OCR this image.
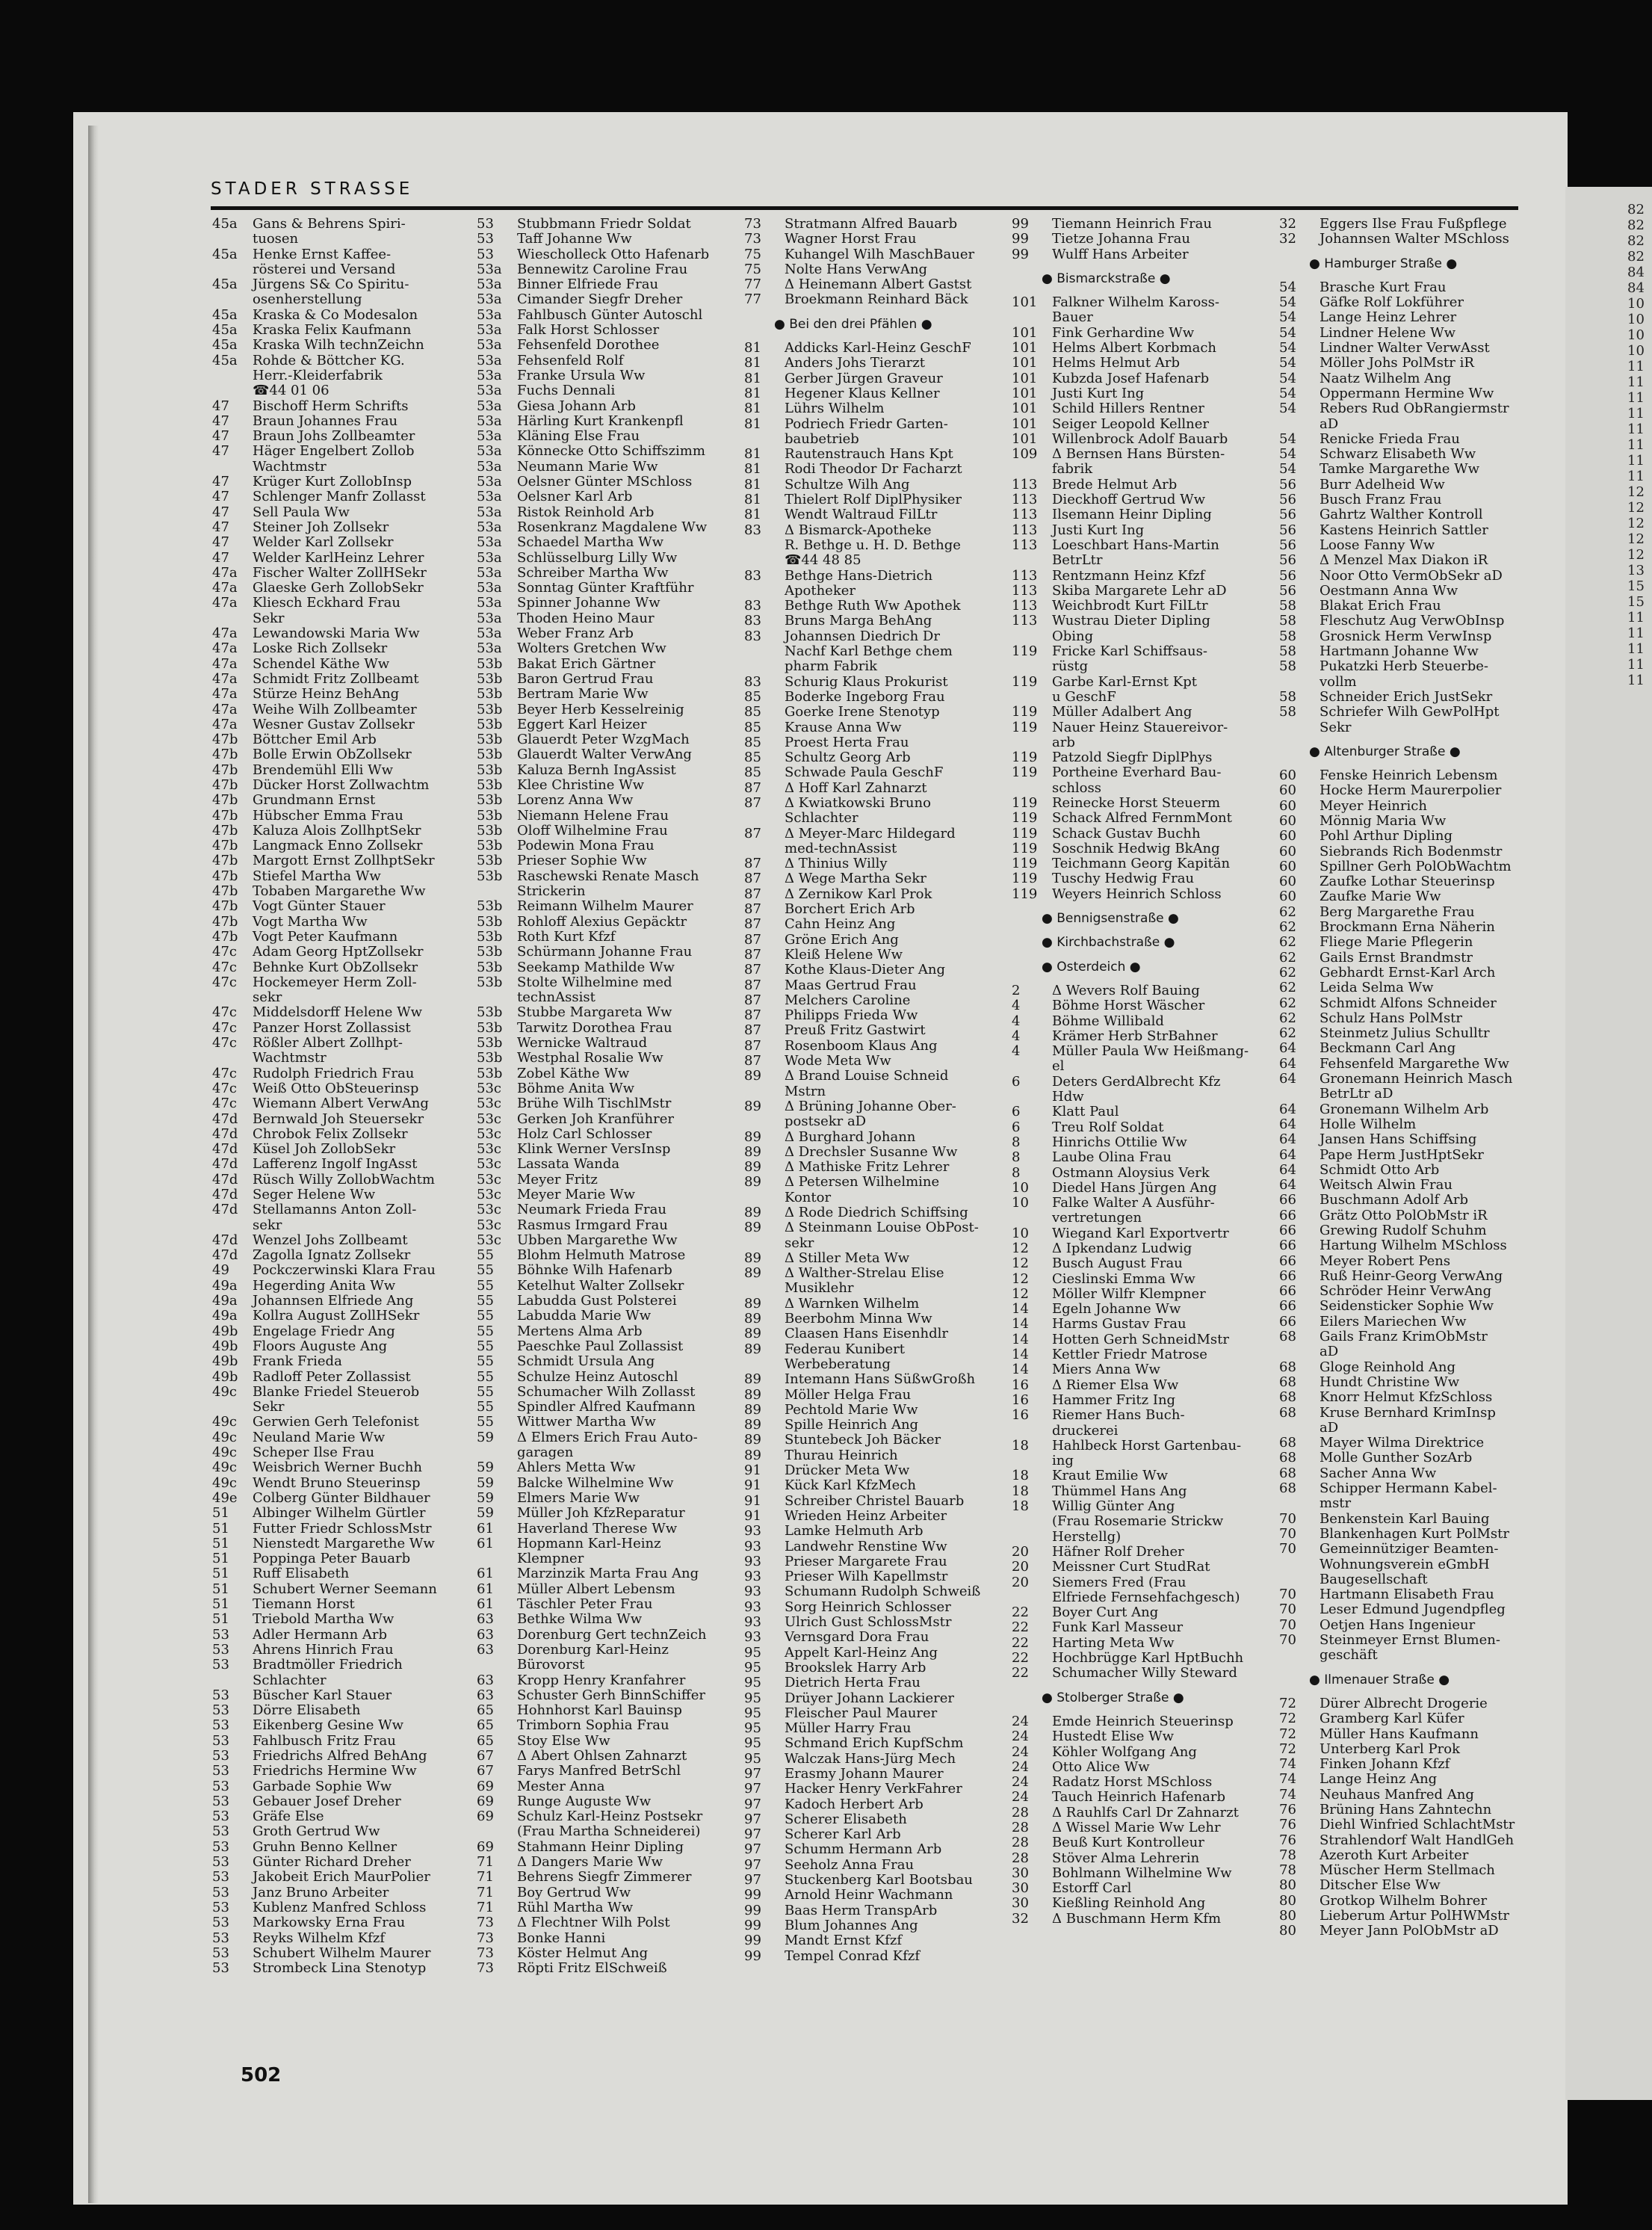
82
82
82
82
84
84
10
10
10
10
11
11
11
11
11
11
11
11
12
12
12
12
12
13
15
15
11
11
11
11
11
STADER STRASSE
45a Gans & Behrens Spiri-
tuosen
45a Henke Ernst Kaffee-
rösterei und Versand
45a Jürgens S& Co Spiritu-
osenherstellung
45a Kraska & Co Modesalon
45a Kraska Felix Kaufmann
45a Kraska Wilh technZeichn
45a Rohde & Böttcher KG.
Herr.-Kleiderfabrik
☎44 01 06
47 Bischoff Herm Schrifts
47 Braun Johannes Frau
47 Braun Johs Zollbeamter
47 Häger Engelbert Zollob
Wachtmstr
47 Krüger Kurt ZollobInsp
47 Schlenger Manfr Zollasst
47 Sell Paula Ww
47 Steiner Joh Zollsekr
47 Welder Karl Zollsekr
47 Welder KarlHeinz Lehrer
47a Fischer Walter ZollHSekr
47a Glaeske Gerh ZollobSekr
47a Kliesch Eckhard Frau
Sekr
47a Lewandowski Maria Ww
47a Loske Rich Zollsekr
47a Schendel Käthe Ww
47a Schmidt Fritz Zollbeamt
47a Stürze Heinz BehAng
47a Weihe Wilh Zollbeamter
47a Wesner Gustav Zollsekr
47b Böttcher Emil Arb
47b Bolle Erwin ObZollsekr
47b Brendemühl Elli Ww
47b Dücker Horst Zollwachtm
47b Grundmann Ernst
47b Hübscher Emma Frau
47b Kaluza Alois ZollhptSekr
47b Langmack Enno Zollsekr
47b Margott Ernst ZollhptSekr
47b Stiefel Martha Ww
47b Tobaben Margarethe Ww
47b Vogt Günter Stauer
47b Vogt Martha Ww
47b Vogt Peter Kaufmann
47c Adam Georg HptZollsekr
47c Behnke Kurt ObZollsekr
47c Hockemeyer Herm Zoll-
sekr
47c Middelsdorff Helene Ww
47c Panzer Horst Zollassist
47c Rößler Albert Zollhpt-
Wachtmstr
47c Rudolph Friedrich Frau
47c Weiß Otto ObSteuerinsp
47c Wiemann Albert VerwAng
47d Bernwald Joh Steuersekr
47d Chrobok Felix Zollsekr
47d Küsel Joh ZollobSekr
47d Lafferenz Ingolf IngAsst
47d Rüsch Willy ZollobWachtm
47d Seger Helene Ww
47d Stellamanns Anton Zoll-
sekr
47d Wenzel Johs Zollbeamt
47d Zagolla Ignatz Zollsekr
49 Pockczerwinski Klara Frau
49a Hegerding Anita Ww
49a Johannsen Elfriede Ang
49a Kollra August ZollHSekr
49b Engelage Friedr Ang
49b Floors Auguste Ang
49b Frank Frieda
49b Radloff Peter Zollassist
49c Blanke Friedel Steuerob
Sekr
49c Gerwien Gerh Telefonist
49c Neuland Marie Ww
49c Scheper Ilse Frau
49c Weisbrich Werner Buchh
49c Wendt Bruno Steuerinsp
49e Colberg Günter Bildhauer
51 Albinger Wilhelm Gürtler
51 Futter Friedr SchlossMstr
51 Nienstedt Margarethe Ww
51 Poppinga Peter Bauarb
51 Ruff Elisabeth
51 Schubert Werner Seemann
51 Tiemann Horst
51 Triebold Martha Ww
53 Adler Hermann Arb
53 Ahrens Hinrich Frau
53 Bradtmöller Friedrich
Schlachter
53 Büscher Karl Stauer
53 Dörre Elisabeth
53 Eikenberg Gesine Ww
53 Fahlbusch Fritz Frau
53 Friedrichs Alfred BehAng
53 Friedrichs Hermine Ww
53 Garbade Sophie Ww
53 Gebauer Josef Dreher
53 Gräfe Else
53 Groth Gertrud Ww
53 Gruhn Benno Kellner
53 Günter Richard Dreher
53 Jakobeit Erich MaurPolier
53 Janz Bruno Arbeiter
53 Kublenz Manfred Schloss
53 Markowsky Erna Frau
53 Reyks Wilhelm Kfzf
53 Schubert Wilhelm Maurer
53 Strombeck Lina Stenotyp
53 Stubbmann Friedr Soldat
53 Taff Johanne Ww
53 Wiescholleck Otto Hafenarb
53a Bennewitz Caroline Frau
53a Binner Elfriede Frau
53a Cimander Siegfr Dreher
53a Fahlbusch Günter Autoschl
53a Falk Horst Schlosser
53a Fehsenfeld Dorothee
53a Fehsenfeld Rolf
53a Franke Ursula Ww
53a Fuchs Dennali
53a Giesa Johann Arb
53a Härling Kurt Krankenpfl
53a Kläning Else Frau
53a Könnecke Otto Schiffszimm
53a Neumann Marie Ww
53a Oelsner Günter MSchloss
53a Oelsner Karl Arb
53a Ristok Reinhold Arb
53a Rosenkranz Magdalene Ww
53a Schaedel Martha Ww
53a Schlüsselburg Lilly Ww
53a Schreiber Martha Ww
53a Sonntag Günter Kraftführ
53a Spinner Johanne Ww
53a Thoden Heino Maur
53a Weber Franz Arb
53a Wolters Gretchen Ww
53b Bakat Erich Gärtner
53b Baron Gertrud Frau
53b Bertram Marie Ww
53b Beyer Herb Kesselreinig
53b Eggert Karl Heizer
53b Glauerdt Peter WzgMach
53b Glauerdt Walter VerwAng
53b Kaluza Bernh IngAssist
53b Klee Christine Ww
53b Lorenz Anna Ww
53b Niemann Helene Frau
53b Oloff Wilhelmine Frau
53b Podewin Mona Frau
53b Prieser Sophie Ww
53b Raschewski Renate Masch
Strickerin
53b Reimann Wilhelm Maurer
53b Rohloff Alexius Gepäcktr
53b Roth Kurt Kfzf
53b Schürmann Johanne Frau
53b Seekamp Mathilde Ww
53b Stolte Wilhelmine med
technAssist
53b Stubbe Margareta Ww
53b Tarwitz Dorothea Frau
53b Wernicke Waltraud
53b Westphal Rosalie Ww
53b Zobel Käthe Ww
53c Böhme Anita Ww
53c Brühe Wilh TischlMstr
53c Gerken Joh Kranführer
53c Holz Carl Schlosser
53c Klink Werner VersInsp
53c Lassata Wanda
53c Meyer Fritz
53c Meyer Marie Ww
53c Neumark Frieda Frau
53c Rasmus Irmgard Frau
53c Ubben Margarethe Ww
55 Blohm Helmuth Matrose
55 Böhnke Wilh Hafenarb
55 Ketelhut Walter Zollsekr
55 Labudda Gust Polsterei
55 Labudda Marie Ww
55 Mertens Alma Arb
55 Paeschke Paul Zollassist
55 Schmidt Ursula Ang
55 Schulze Heinz Autoschl
55 Schumacher Wilh Zollasst
55 Spindler Alfred Kaufmann
55 Wittwer Martha Ww
59 Δ Elmers Erich Frau Auto-
garagen
59 Ahlers Metta Ww
59 Balcke Wilhelmine Ww
59 Elmers Marie Ww
59 Müller Joh KfzReparatur
61 Haverland Therese Ww
61 Hopmann Karl-Heinz
Klempner
61 Marzinzik Marta Frau Ang
61 Müller Albert Lebensm
61 Täschler Peter Frau
63 Bethke Wilma Ww
63 Dorenburg Gert technZeich
63 Dorenburg Karl-Heinz
Bürovorst
63 Kropp Henry Kranfahrer
63 Schuster Gerh BinnSchiffer
65 Hohnhorst Karl Bauinsp
65 Trimborn Sophia Frau
65 Stoy Else Ww
67 Δ Abert Ohlsen Zahnarzt
67 Farys Manfred BetrSchl
69 Mester Anna
69 Runge Auguste Ww
69 Schulz Karl-Heinz Postsekr
(Frau Martha Schneiderei)
69 Stahmann Heinr Dipling
71 Δ Dangers Marie Ww
71 Behrens Siegfr Zimmerer
71 Boy Gertrud Ww
71 Rühl Martha Ww
73 Δ Flechtner Wilh Polst
73 Bonke Hanni
73 Köster Helmut Ang
73 Röpti Fritz ElSchweiß
73 Stratmann Alfred Bauarb
73 Wagner Horst Frau
75 Kuhangel Wilh MaschBauer
75 Nolte Hans VerwAng
77 Δ Heinemann Albert Gastst
77 Broekmann Reinhard Bäck
● Bei den drei Pfählen ●
81 Addicks Karl-Heinz GeschF
81 Anders Johs Tierarzt
81 Gerber Jürgen Graveur
81 Hegener Klaus Kellner
81 Lührs Wilhelm
81 Podriech Friedr Garten-
baubetrieb
81 Rautenstrauch Hans Kpt
81 Rodi Theodor Dr Facharzt
81 Schultze Wilh Ang
81 Thielert Rolf DiplPhysiker
81 Wendt Waltraud FilLtr
83 Δ Bismarck-Apotheke
R. Bethge u. H. D. Bethge
☎44 48 85
83 Bethge Hans-Dietrich
Apotheker
83 Bethge Ruth Ww Apothek
83 Bruns Marga BehAng
83 Johannsen Diedrich Dr
Nachf Karl Bethge chem
pharm Fabrik
83 Schurig Klaus Prokurist
85 Boderke Ingeborg Frau
85 Goerke Irene Stenotyp
85 Krause Anna Ww
85 Proest Herta Frau
85 Schultz Georg Arb
85 Schwade Paula GeschF
87 Δ Hoff Karl Zahnarzt
87 Δ Kwiatkowski Bruno
Schlachter
87 Δ Meyer-Marc Hildegard
med-technAssist
87 Δ Thinius Willy
87 Δ Wege Martha Sekr
87 Δ Zernikow Karl Prok
87 Borchert Erich Arb
87 Cahn Heinz Ang
87 Gröne Erich Ang
87 Kleiß Helene Ww
87 Kothe Klaus-Dieter Ang
87 Maas Gertrud Frau
87 Melchers Caroline
87 Philipps Frieda Ww
87 Preuß Fritz Gastwirt
87 Rosenboom Klaus Ang
87 Wode Meta Ww
89 Δ Brand Louise Schneid
Mstrn
89 Δ Brüning Johanne Ober-
postsekr aD
89 Δ Burghard Johann
89 Δ Drechsler Susanne Ww
89 Δ Mathiske Fritz Lehrer
89 Δ Petersen Wilhelmine
Kontor
89 Δ Rode Diedrich Schiffsing
89 Δ Steinmann Louise ObPost-
sekr
89 Δ Stiller Meta Ww
89 Δ Walther-Strelau Elise
Musiklehr
89 Δ Warnken Wilhelm
89 Beerbohm Minna Ww
89 Claasen Hans Eisenhdlr
89 Federau Kunibert
Werbeberatung
89 Intemann Hans SüßwGroßh
89 Möller Helga Frau
89 Pechtold Marie Ww
89 Spille Heinrich Ang
89 Stuntebeck Joh Bäcker
89 Thurau Heinrich
91 Drücker Meta Ww
91 Kück Karl KfzMech
91 Schreiber Christel Bauarb
91 Wrieden Heinz Arbeiter
93 Lamke Helmuth Arb
93 Landwehr Renstine Ww
93 Prieser Margarete Frau
93 Prieser Wilh Kapellmstr
93 Schumann Rudolph Schweiß
93 Sorg Heinrich Schlosser
93 Ulrich Gust SchlossMstr
93 Vernsgard Dora Frau
95 Appelt Karl-Heinz Ang
95 Brookslek Harry Arb
95 Dietrich Herta Frau
95 Drüyer Johann Lackierer
95 Fleischer Paul Maurer
95 Müller Harry Frau
95 Schmand Erich KupfSchm
95 Walczak Hans-Jürg Mech
97 Erasmy Johann Maurer
97 Hacker Henry VerkFahrer
97 Kadoch Herbert Arb
97 Scherer Elisabeth
97 Scherer Karl Arb
97 Schumm Hermann Arb
97 Seeholz Anna Frau
97 Stuckenberg Karl Bootsbau
99 Arnold Heinr Wachmann
99 Baas Herm TranspArb
99 Blum Johannes Ang
99 Mandt Ernst Kfzf
99 Tempel Conrad Kfzf
99 Tiemann Heinrich Frau
99 Tietze Johanna Frau
99 Wulff Hans Arbeiter
● Bismarckstraße ●
101 Falkner Wilhelm Kaross-
Bauer
101 Fink Gerhardine Ww
101 Helms Albert Korbmach
101 Helms Helmut Arb
101 Kubzda Josef Hafenarb
101 Justi Kurt Ing
101 Schild Hillers Rentner
101 Seiger Leopold Kellner
101 Willenbrock Adolf Bauarb
109 Δ Bernsen Hans Bürsten-
fabrik
113 Brede Helmut Arb
113 Dieckhoff Gertrud Ww
113 Ilsemann Heinr Dipling
113 Justi Kurt Ing
113 Loeschbart Hans-Martin
BetrLtr
113 Rentzmann Heinz Kfzf
113 Skiba Margarete Lehr aD
113 Weichbrodt Kurt FilLtr
113 Wustrau Dieter Dipling
Obing
119 Fricke Karl Schiffsaus-
rüstg
119 Garbe Karl-Ernst Kpt
u GeschF
119 Müller Adalbert Ang
119 Nauer Heinz Stauereivor-
arb
119 Patzold Siegfr DiplPhys
119 Portheine Everhard Bau-
schloss
119 Reinecke Horst Steuerm
119 Schack Alfred FernmMont
119 Schack Gustav Buchh
119 Soschnik Hedwig BkAng
119 Teichmann Georg Kapitän
119 Tuschy Hedwig Frau
119 Weyers Heinrich Schloss
● Bennigsenstraße ●
● Kirchbachstraße ●
● Osterdeich ●
2 Δ Wevers Rolf Bauing
4 Böhme Horst Wäscher
4 Böhme Willibald
4 Krämer Herb StrBahner
4 Müller Paula Ww Heißmang-
el
6 Deters GerdAlbrecht Kfz
Hdw
6 Klatt Paul
6 Treu Rolf Soldat
8 Hinrichs Ottilie Ww
8 Laube Olina Frau
8 Ostmann Aloysius Verk
10 Diedel Hans Jürgen Ang
10 Falke Walter A Ausführ-
vertretungen
10 Wiegand Karl Exportvertr
12 Δ Ipkendanz Ludwig
12 Busch August Frau
12 Cieslinski Emma Ww
12 Möller Wilfr Klempner
14 Egeln Johanne Ww
14 Harms Gustav Frau
14 Hotten Gerh SchneidMstr
14 Kettler Friedr Matrose
14 Miers Anna Ww
16 Δ Riemer Elsa Ww
16 Hammer Fritz Ing
16 Riemer Hans Buch-
druckerei
18 Hahlbeck Horst Gartenbau-
ing
18 Kraut Emilie Ww
18 Thümmel Hans Ang
18 Willig Günter Ang
(Frau Rosemarie Strickw
Herstellg)
20 Häfner Rolf Dreher
20 Meissner Curt StudRat
20 Siemers Fred (Frau
Elfriede Fernsehfachgesch)
22 Boyer Curt Ang
22 Funk Karl Masseur
22 Harting Meta Ww
22 Hochbrügge Karl HptBuchh
22 Schumacher Willy Steward
● Stolberger Straße ●
24 Emde Heinrich Steuerinsp
24 Hustedt Elise Ww
24 Köhler Wolfgang Ang
24 Otto Alice Ww
24 Radatz Horst MSchloss
24 Tauch Heinrich Hafenarb
28 Δ Rauhlfs Carl Dr Zahnarzt
28 Δ Wissel Marie Ww Lehr
28 Beuß Kurt Kontrolleur
28 Stöver Alma Lehrerin
30 Bohlmann Wilhelmine Ww
30 Estorff Carl
30 Kießling Reinhold Ang
32 Δ Buschmann Herm Kfm
32 Eggers Ilse Frau Fußpflege
32 Johannsen Walter MSchloss
● Hamburger Straße ●
54 Brasche Kurt Frau
54 Gäfke Rolf Lokführer
54 Lange Heinz Lehrer
54 Lindner Helene Ww
54 Lindner Walter VerwAsst
54 Möller Johs PolMstr iR
54 Naatz Wilhelm Ang
54 Oppermann Hermine Ww
54 Rebers Rud ObRangiermstr
aD
54 Renicke Frieda Frau
54 Schwarz Elisabeth Ww
54 Tamke Margarethe Ww
56 Burr Adelheid Ww
56 Busch Franz Frau
56 Gahrtz Walther Kontroll
56 Kastens Heinrich Sattler
56 Loose Fanny Ww
56 Δ Menzel Max Diakon iR
56 Noor Otto VermObSekr aD
56 Oestmann Anna Ww
58 Blakat Erich Frau
58 Fleschutz Aug VerwObInsp
58 Grosnick Herm VerwInsp
58 Hartmann Johanne Ww
58 Pukatzki Herb Steuerbe-
vollm
58 Schneider Erich JustSekr
58 Schriefer Wilh GewPolHpt
Sekr
● Altenburger Straße ●
60 Fenske Heinrich Lebensm
60 Hocke Herm Maurerpolier
60 Meyer Heinrich
60 Mönnig Maria Ww
60 Pohl Arthur Dipling
60 Siebrands Rich Bodenmstr
60 Spillner Gerh PolObWachtm
60 Zaufke Lothar Steuerinsp
60 Zaufke Marie Ww
62 Berg Margarethe Frau
62 Brockmann Erna Näherin
62 Fliege Marie Pflegerin
62 Gails Ernst Brandmstr
62 Gebhardt Ernst-Karl Arch
62 Leida Selma Ww
62 Schmidt Alfons Schneider
62 Schulz Hans PolMstr
62 Steinmetz Julius Schulltr
64 Beckmann Carl Ang
64 Fehsenfeld Margarethe Ww
64 Gronemann Heinrich Masch
BetrLtr aD
64 Gronemann Wilhelm Arb
64 Holle Wilhelm
64 Jansen Hans Schiffsing
64 Pape Herm JustHptSekr
64 Schmidt Otto Arb
64 Weitsch Alwin Frau
66 Buschmann Adolf Arb
66 Grätz Otto PolObMstr iR
66 Grewing Rudolf Schuhm
66 Hartung Wilhelm MSchloss
66 Meyer Robert Pens
66 Ruß Heinr-Georg VerwAng
66 Schröder Heinr VerwAng
66 Seidensticker Sophie Ww
66 Eilers Mariechen Ww
68 Gails Franz KrimObMstr
aD
68 Gloge Reinhold Ang
68 Hundt Christine Ww
68 Knorr Helmut KfzSchloss
68 Kruse Bernhard KrimInsp
aD
68 Mayer Wilma Direktrice
68 Molle Gunther SozArb
68 Sacher Anna Ww
68 Schipper Hermann Kabel-
mstr
70 Benkenstein Karl Bauing
70 Blankenhagen Kurt PolMstr
70 Gemeinnütziger Beamten-
Wohnungsverein eGmbH
Baugesellschaft
70 Hartmann Elisabeth Frau
70 Leser Edmund Jugendpfleg
70 Oetjen Hans Ingenieur
70 Steinmeyer Ernst Blumen-
geschäft
● Ilmenauer Straße ●
72 Dürer Albrecht Drogerie
72 Gramberg Karl Küfer
72 Müller Hans Kaufmann
72 Unterberg Karl Prok
74 Finken Johann Kfzf
74 Lange Heinz Ang
74 Neuhaus Manfred Ang
76 Brüning Hans Zahntechn
76 Diehl Winfried SchlachtMstr
76 Strahlendorf Walt HandlGeh
78 Azeroth Kurt Arbeiter
78 Müscher Herm Stellmach
80 Ditscher Else Ww
80 Grotkop Wilhelm Bohrer
80 Lieberum Artur PolHWMstr
80 Meyer Jann PolObMstr aD
502
